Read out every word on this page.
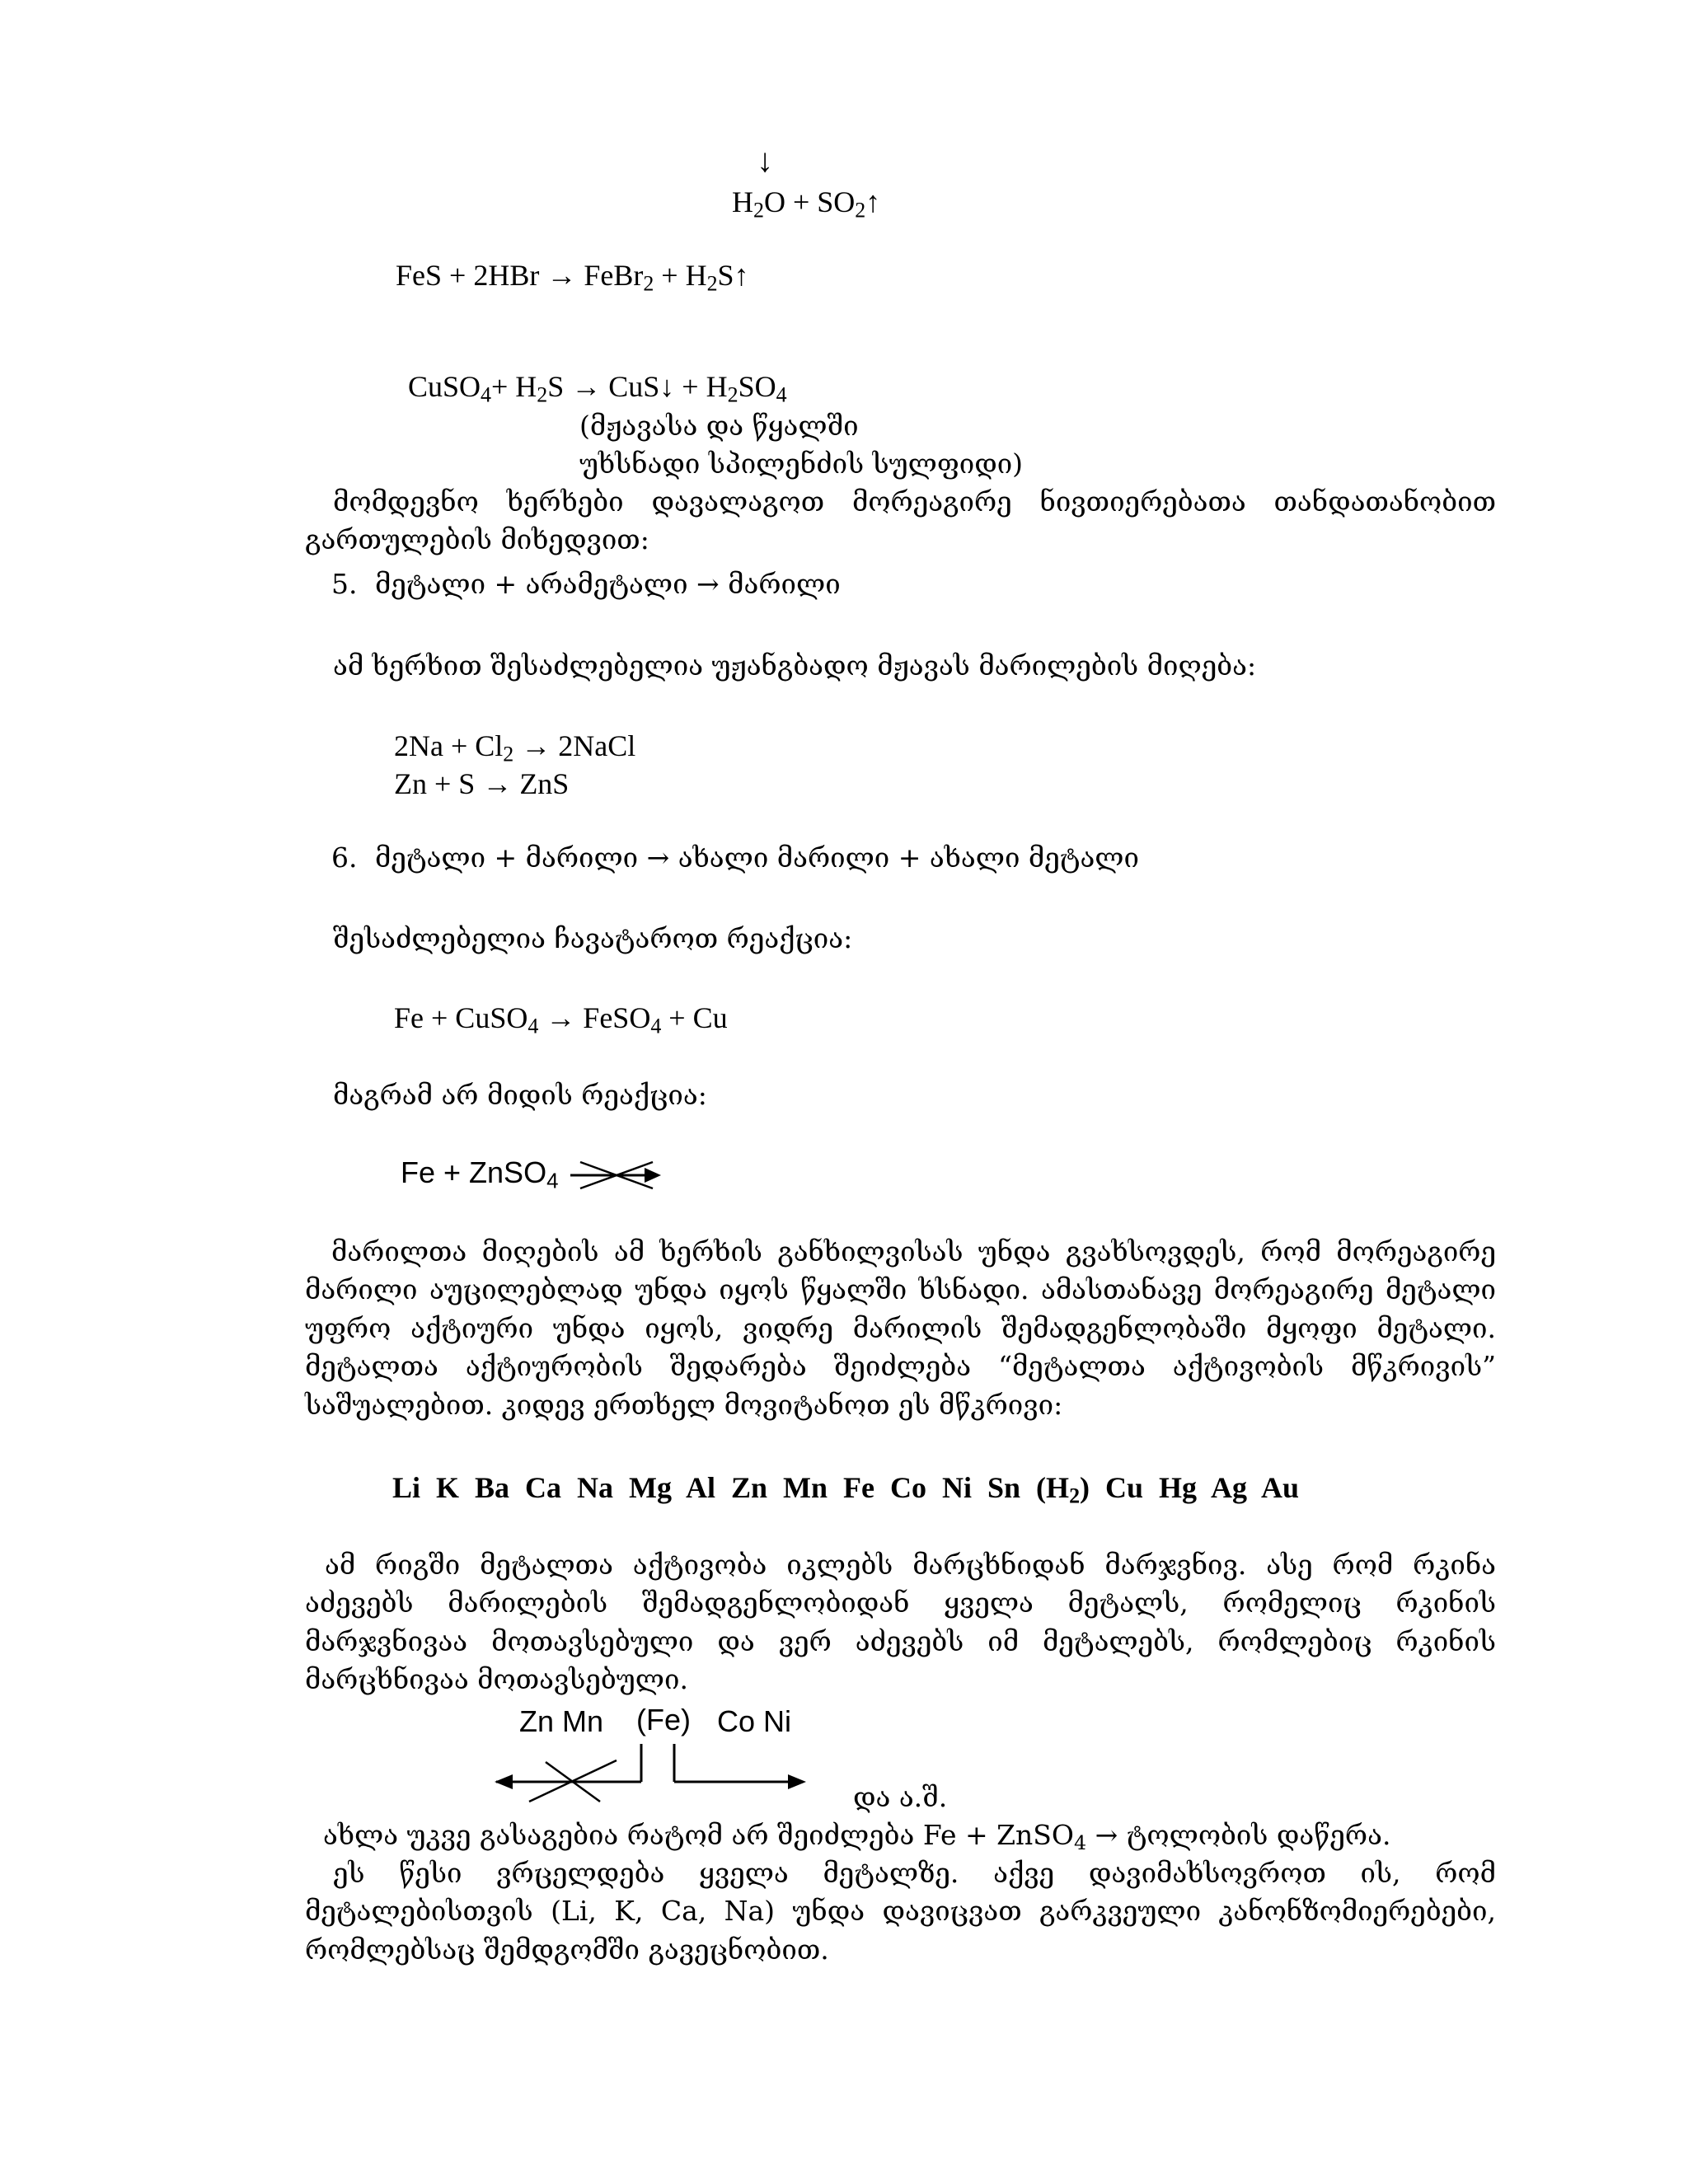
↓
$H_2O$ + $SO_2↑$
FeS + 2HBr → FeBr$_2$ + $H_2S↑$
CuSO$_4$+ $H_2S$ → CuS↓ + $H_2SO_4$
(მჟავასა და წყალში
უხსნადი სპილენძის სულფიდი)
მომდევნო ხერხები დავალაგოთ მორეაგირე ნივთიერებათა თანდათანობით გართულების მიხედვით:
5. მეტალი + არამეტალი → მარილი
ამ ხერხით შესაძლებელია უჟანგბადო მჟავას მარილების მიღება:
$2Na + Cl_2$ → 2NaCl
Zn + S → ZnS
6. მეტალი + მარილი → ახალი მარილი + ახალი მეტალი
შესაძლებელია ჩავატაროთ რეაქცია:
Fe + CuSO$_4$ → FeSO$_4$ + Cu
მაგრამ არ მიდის რეაქცია:
Fe + ZnSO$_4$
მარილთა მიღების ამ ხერხის განხილვისას უნდა გვახსოვდეს, რომ მორეაგირე მარილი აუცილებლად უნდა იყოს წყალში ხსნადი. ამასთანავე მორეაგირე მეტალი უფრო აქტიური უნდა იყოს, ვიდრე მარილის შემადგენლობაში მყოფი მეტალი. მეტალთა აქტიურობის შედარება შეიძლება “მეტალთა აქტივობის მწკრივის” საშუალებით. კიდევ ერთხელ მოვიტანოთ ეს მწკრივი:
Li K Ba Ca Na Mg Al Zn Mn Fe Co Ni Sn $(H_2)$ Cu Hg Ag Au
ამ რიგში მეტალთა აქტივობა იკლებს მარცხნიდან მარჯვნივ. ასე რომ რკინა აძევებს მარილების შემადგენლობიდან ყველა მეტალს, რომელიც რკინის მარჯვნივაა მოთავსებული და ვერ აძევებს იმ მეტალებს, რომლებიც რკინის მარცხნივაა მოთავსებული.
Zn Mn (Fe) Co Ni
და ა.შ.
ახლა უკვე გასაგებია რატომ არ შეიძლება Fe + ZnSO$_4$ → ტოლობის დაწერა.
ეს წესი ვრცელდება ყველა მეტალზე. აქვე დავიმახსოვროთ ის, რომ მეტალებისთვის (Li, K, Ca, Na) უნდა დავიცვათ გარკვეული კანონზომიერებები, რომლებსაც შემდგომში გავეცნობით.
